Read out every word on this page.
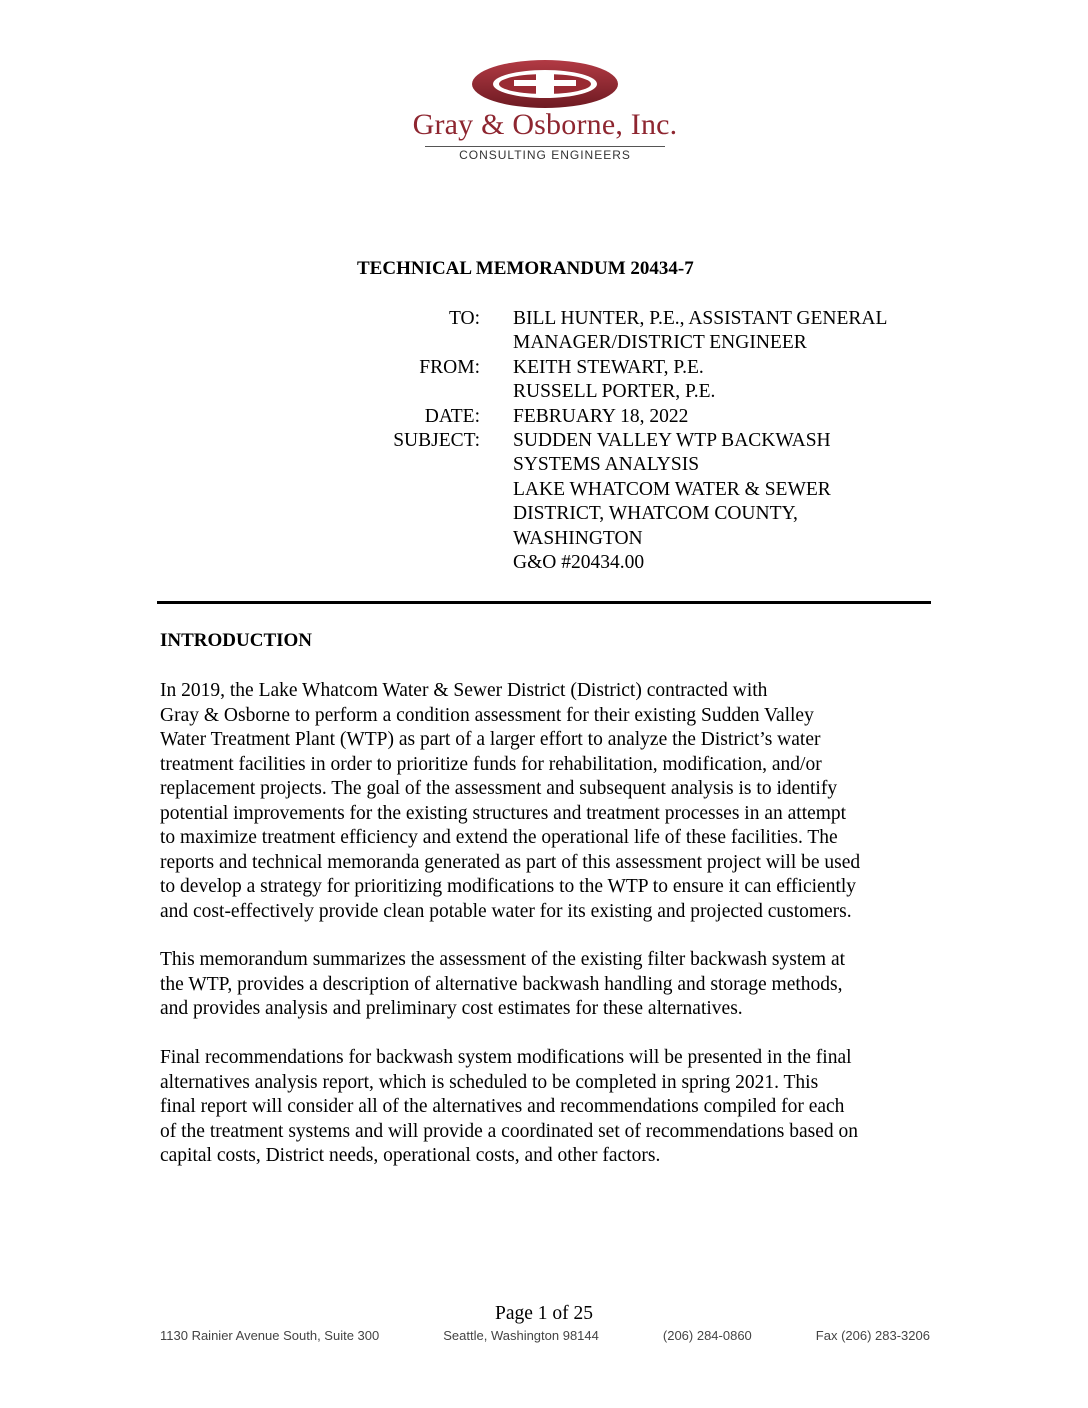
Gray & Osborne, Inc.
CONSULTING ENGINEERS
TECHNICAL MEMORANDUM 20434-7
TO: BILL HUNTER, P.E., ASSISTANT GENERAL
MANAGER/DISTRICT ENGINEER
FROM: KEITH STEWART, P.E.
RUSSELL PORTER, P.E.
DATE: FEBRUARY 18, 2022
SUBJECT: SUDDEN VALLEY WTP BACKWASH
SYSTEMS ANALYSIS
LAKE WHATCOM WATER & SEWER
DISTRICT, WHATCOM COUNTY,
WASHINGTON
G&O #20434.00
INTRODUCTION
In 2019, the Lake Whatcom Water & Sewer District (District) contracted with
Gray & Osborne to perform a condition assessment for their existing Sudden Valley
Water Treatment Plant (WTP) as part of a larger effort to analyze the District’s water
treatment facilities in order to prioritize funds for rehabilitation, modification, and/or
replacement projects. The goal of the assessment and subsequent analysis is to identify
potential improvements for the existing structures and treatment processes in an attempt
to maximize treatment efficiency and extend the operational life of these facilities. The
reports and technical memoranda generated as part of this assessment project will be used
to develop a strategy for prioritizing modifications to the WTP to ensure it can efficiently
and cost-effectively provide clean potable water for its existing and projected customers.
This memorandum summarizes the assessment of the existing filter backwash system at
the WTP, provides a description of alternative backwash handling and storage methods,
and provides analysis and preliminary cost estimates for these alternatives.
Final recommendations for backwash system modifications will be presented in the final
alternatives analysis report, which is scheduled to be completed in spring 2021. This
final report will consider all of the alternatives and recommendations compiled for each
of the treatment systems and will provide a coordinated set of recommendations based on
capital costs, District needs, operational costs, and other factors.
Page 1 of 25
1130 Rainier Avenue South, Suite 300	Seattle, Washington 98144	(206) 284-0860	Fax (206) 283-3206
